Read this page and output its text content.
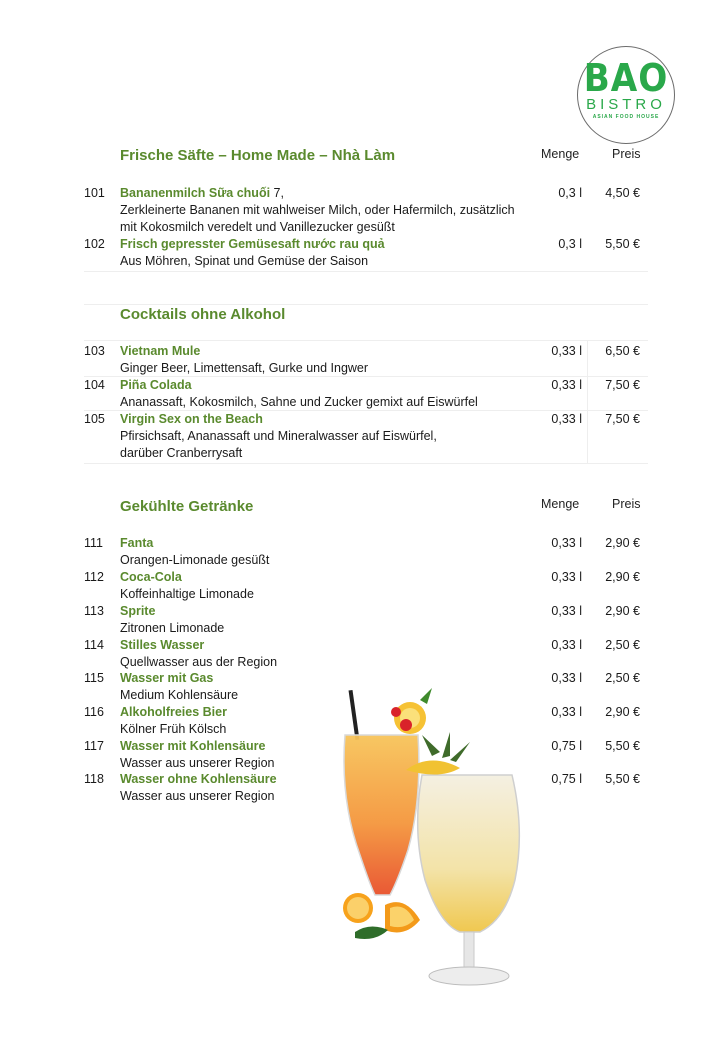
BAO
BISTRO
ASIAN FOOD HOUSE
Frische Säfte – Home Made – Nhà Làm	Menge	Preis
101	Bananenmilch Sữa chuối 7,
Zerkleinerte Bananen mit wahlweiser Milch, oder Hafermilch, zusätzlich
mit Kokosmilch veredelt und Vanillezucker gesüßt
0,3 l	4,50 €
102	Frisch gepresster Gemüsesaft nước rau quả
Aus Möhren, Spinat und Gemüse der Saison
0,3 l	5,50 €
Cocktails ohne Alkohol
103	Vietnam Mule
Ginger Beer, Limettensaft, Gurke und Ingwer
0,33 l	6,50 €
104	Piña Colada
Ananassaft, Kokosmilch, Sahne und Zucker gemixt auf Eiswürfel
0,33 l	7,50 €
105	Virgin Sex on the Beach
Pfirsichsaft, Ananassaft und Mineralwasser auf Eiswürfel,
darüber Cranberrysaft
0,33 l	7,50 €
Gekühlte Getränke	Menge	Preis
111	Fanta
Orangen-Limonade gesüßt
0,33 l	2,90 €
112	Coca-Cola
Koffeinhaltige Limonade
0,33 l	2,90 €
113	Sprite
Zitronen Limonade
0,33 l	2,90 €
114	Stilles Wasser
Quellwasser aus der Region
0,33 l	2,50 €
115	Wasser mit Gas
Medium Kohlensäure
0,33 l	2,50 €
116	Alkoholfreies Bier
Kölner Früh Kölsch
0,33 l	2,90 €
117	Wasser mit Kohlensäure
Wasser aus unserer Region
0,75 l	5,50 €
118	Wasser ohne Kohlensäure
Wasser aus unserer Region
0,75 l	5,50 €
